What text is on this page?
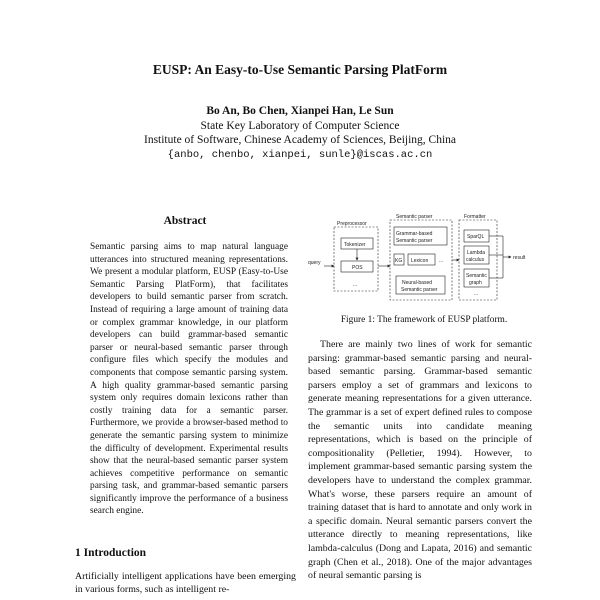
EUSP: An Easy-to-Use Semantic Parsing PlatForm
Bo An, Bo Chen, Xianpei Han, Le Sun
State Key Laboratory of Computer Science
Institute of Software, Chinese Academy of Sciences, Beijing, China
{anbo, chenbo, xianpei, sunle}@iscas.ac.cn
Abstract

Semantic parsing aims to map natural language utterances into structured meaning representations. We present a modular platform, EUSP (Easy-to-Use Semantic Parsing PlatForm), that facilitates developers to build semantic parser from scratch. Instead of requiring a large amount of training data or complex grammar knowledge, in our platform developers can build grammar-based semantic parser or neural-based semantic parser through configure files which specify the modules and components that compose semantic parsing system. A high quality grammar-based semantic parsing system only requires domain lexicons rather than costly training data for a semantic parser. Furthermore, we provide a browser-based method to generate the semantic parsing system to minimize the difficulty of development. Experimental results show that the neural-based semantic parser system achieves competitive performance on semantic parsing task, and grammar-based semantic parsers significantly improve the performance of a business search engine.

1 Introduction
Artificially intelligent applications have been emerging in various forms, such as intelligent re-
Preprocessor
Tokenizer
POS
...
Semantic parser
Grammar-based
Semantic parser
KG Lexicon ...
Neural-based
Semantic parser
Formatter
SparQL
Lambda
calculus
Semantic
graph
...
query
result
Figure 1: The framework of EUSP platform.

There are mainly two lines of work for semantic parsing: grammar-based semantic parsing and neural-based semantic parsing. Grammar-based semantic parsers employ a set of grammars and lexicons to generate meaning representations for a given utterance. The grammar is a set of expert defined rules to compose the semantic units into candidate meaning representations, which is based on the principle of compositionality (Pelletier, 1994). However, to implement grammar-based semantic parsing system the developers have to understand the complex grammar. What's worse, these parsers require an amount of training dataset that is hard to annotate and only work in a specific domain. Neural semantic parsers convert the utterance directly to meaning representations, like lambda-calculus (Dong and Lapata, 2016) and semantic graph (Chen et al., 2018). One of the major advantages of neural semantic parsing is
